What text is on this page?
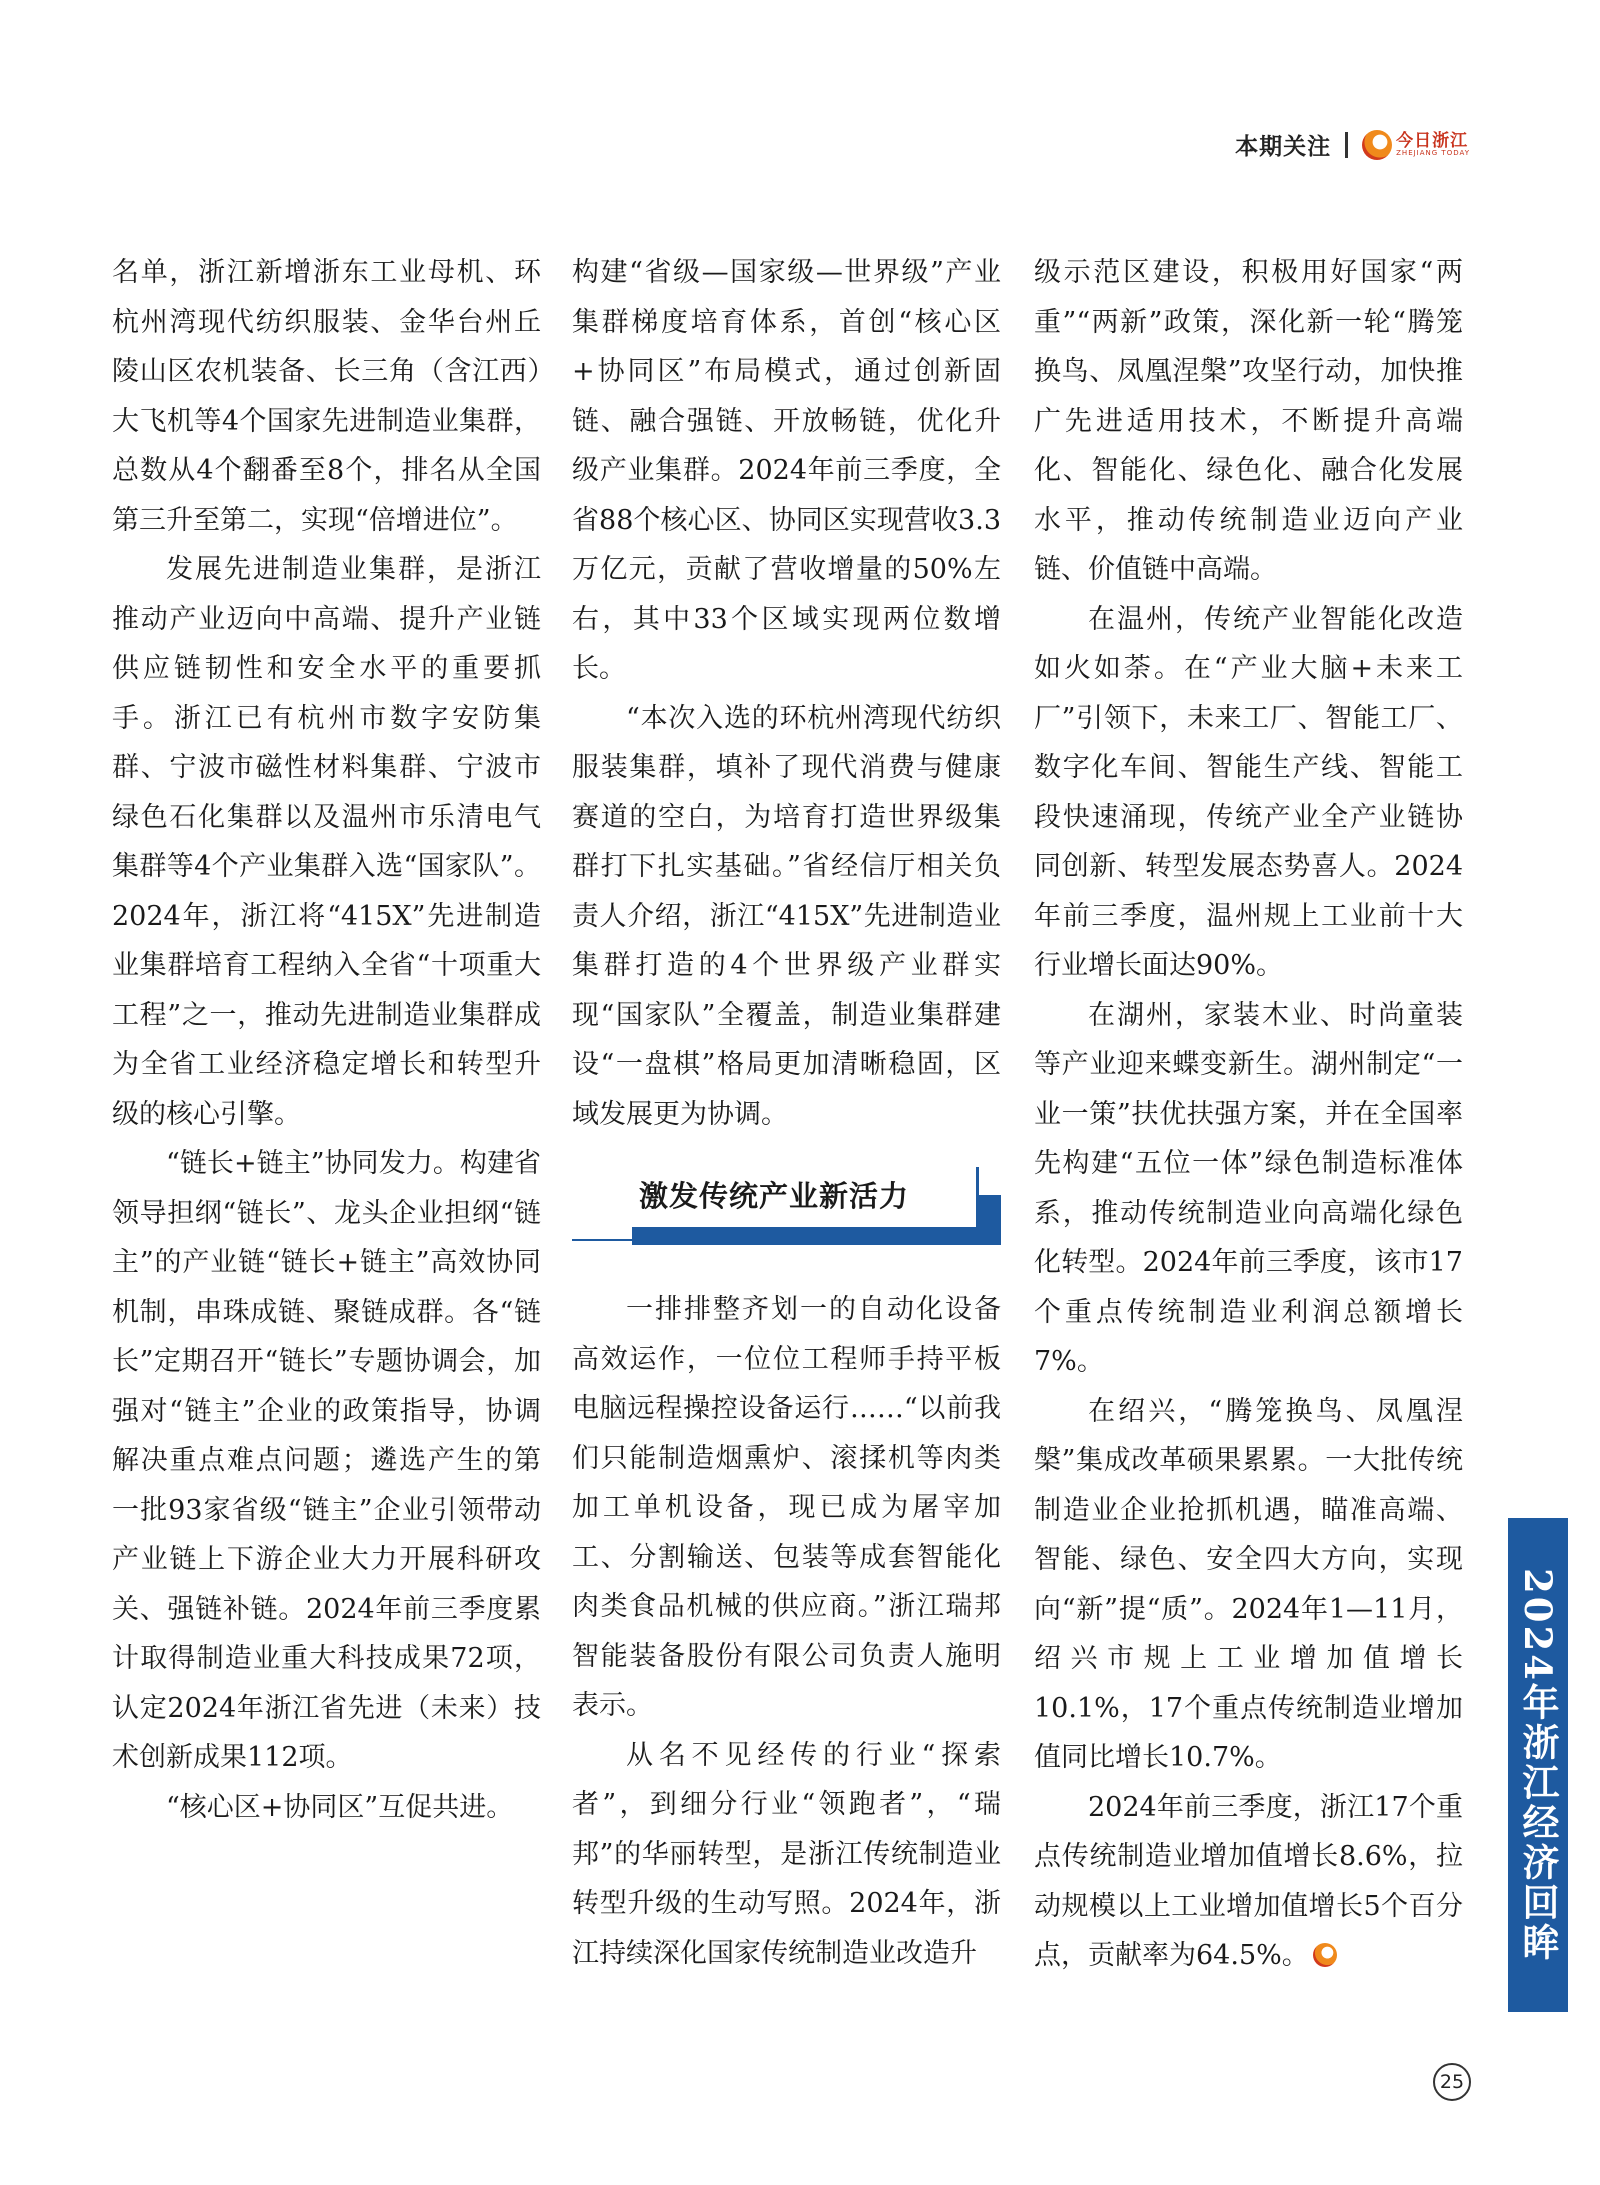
本期关注	今日浙江
ZHEJIANG TODAY

名单，浙江新增浙东工业母机、环杭州湾现代纺织服装、金华台州丘陵山区农机装备、长三角（含江西）大飞机等4个国家先进制造业集群，总数从4个翻番至8个，排名从全国第三升至第二，实现“倍增进位”。

发展先进制造业集群，是浙江推动产业迈向中高端、提升产业链供应链韧性和安全水平的重要抓手。浙江已有杭州市数字安防集群、宁波市磁性材料集群、宁波市绿色石化集群以及温州市乐清电气集群等4个产业集群入选“国家队”。2024年，浙江将“415X”先进制造业集群培育工程纳入全省“十项重大工程”之一，推动先进制造业集群成为全省工业经济稳定增长和转型升级的核心引擎。

“链长+链主”协同发力。构建省领导担纲“链长”、龙头企业担纲“链主”的产业链“链长+链主”高效协同机制，串珠成链、聚链成群。各“链长”定期召开“链长”专题协调会，加强对“链主”企业的政策指导，协调解决重点难点问题；遴选产生的第一批93家省级“链主”企业引领带动产业链上下游企业大力开展科研攻关、强链补链。2024年前三季度累计取得制造业重大科技成果72项，认定2024年浙江省先进（未来）技术创新成果112项。

“核心区+协同区”互促共进。

构建“省级—国家级—世界级”产业集群梯度培育体系，首创“核心区+协同区”布局模式，通过创新固链、融合强链、开放畅链，优化升级产业集群。2024年前三季度，全省88个核心区、协同区实现营收3.3万亿元，贡献了营收增量的50%左右，其中33个区域实现两位数增长。

“本次入选的环杭州湾现代纺织服装集群，填补了现代消费与健康赛道的空白，为培育打造世界级集群打下扎实基础。”省经信厅相关负责人介绍，浙江“415X”先进制造业集群打造的4个世界级产业群实现“国家队”全覆盖，制造业集群建设“一盘棋”格局更加清晰稳固，区域发展更为协调。

激发传统产业新活力

一排排整齐划一的自动化设备高效运作，一位位工程师手持平板电脑远程操控设备运行……“以前我们只能制造烟熏炉、滚揉机等肉类加工单机设备，现已成为屠宰加工、分割输送、包装等成套智能化肉类食品机械的供应商。”浙江瑞邦智能装备股份有限公司负责人施明表示。

从名不见经传的行业“探索者”，到细分行业“领跑者”，“瑞邦”的华丽转型，是浙江传统制造业转型升级的生动写照。2024年，浙江持续深化国家传统制造业改造升

级示范区建设，积极用好国家“两重”“两新”政策，深化新一轮“腾笼换鸟、凤凰涅槃”攻坚行动，加快推广先进适用技术，不断提升高端化、智能化、绿色化、融合化发展水平，推动传统制造业迈向产业链、价值链中高端。

在温州，传统产业智能化改造如火如荼。在“产业大脑+未来工厂”引领下，未来工厂、智能工厂、数字化车间、智能生产线、智能工段快速涌现，传统产业全产业链协同创新、转型发展态势喜人。2024年前三季度，温州规上工业前十大行业增长面达90%。

在湖州，家装木业、时尚童装等产业迎来蝶变新生。湖州制定“一业一策”扶优扶强方案，并在全国率先构建“五位一体”绿色制造标准体系，推动传统制造业向高端化绿色化转型。2024年前三季度，该市17个重点传统制造业利润总额增长7%。

在绍兴，“腾笼换鸟、凤凰涅槃”集成改革硕果累累。一大批传统制造业企业抢抓机遇，瞄准高端、智能、绿色、安全四大方向，实现向“新”提“质”。2024年1—11月，绍兴市规上工业增加值增长10.1%，17个重点传统制造业增加值同比增长10.7%。

2024年前三季度，浙江17个重点传统制造业增加值增长8.6%，拉动规模以上工业增加值增长5个百分点，贡献率为64.5%。	2024年浙江经济回眸
25
